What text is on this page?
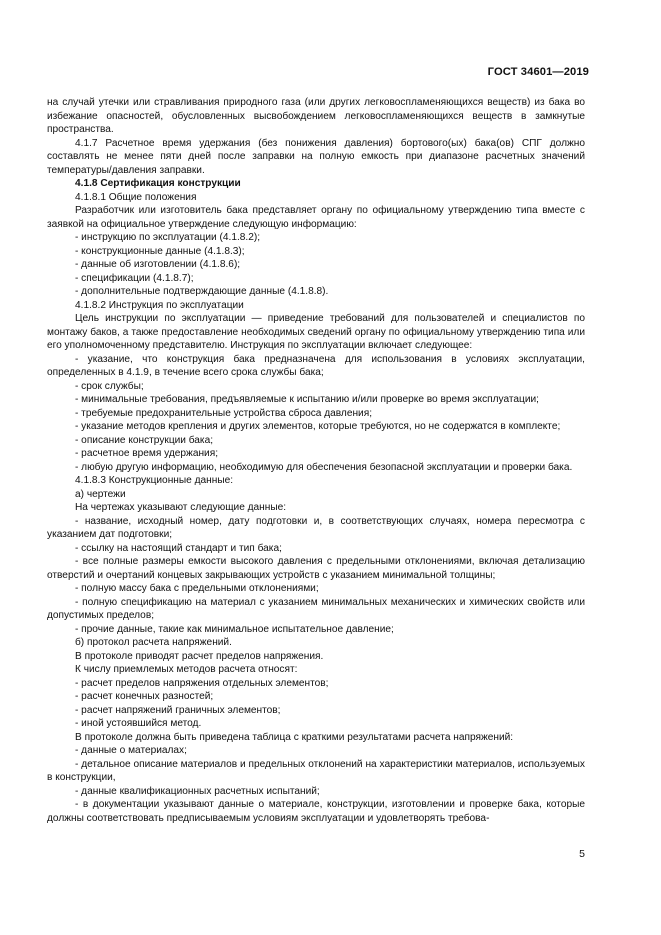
ГОСТ 34601—2019

на случай утечки или стравливания природного газа (или других легковоспламеняющихся веществ) из бака во избежание опасностей, обусловленных высвобождением легковоспламеняющихся веществ в замкнутые пространства.

4.1.7 Расчетное время удержания (без понижения давления) бортового(ых) бака(ов) СПГ должно составлять не менее пяти дней после заправки на полную емкость при диапазоне расчетных значений температуры/давления заправки.

4.1.8 Сертификация конструкции

4.1.8.1 Общие положения

Разработчик или изготовитель бака представляет органу по официальному утверждению типа вместе с заявкой на официальное утверждение следующую информацию:

- инструкцию по эксплуатации (4.1.8.2);

- конструкционные данные (4.1.8.3);

- данные об изготовлении (4.1.8.6);

- спецификации (4.1.8.7);

- дополнительные подтверждающие данные (4.1.8.8).

4.1.8.2 Инструкция по эксплуатации

Цель инструкции по эксплуатации — приведение требований для пользователей и специалистов по монтажу баков, а также предоставление необходимых сведений органу по официальному утверждению типа или его уполномоченному представителю. Инструкция по эксплуатации включает следующее:

- указание, что конструкция бака предназначена для использования в условиях эксплуатации, определенных в 4.1.9, в течение всего срока службы бака;

- срок службы;

- минимальные требования, предъявляемые к испытанию и/или проверке во время эксплуатации;

- требуемые предохранительные устройства сброса давления;

- указание методов крепления и других элементов, которые требуются, но не содержатся в комплекте;

- описание конструкции бака;

- расчетное время удержания;

- любую другую информацию, необходимую для обеспечения безопасной эксплуатации и проверки бака.

4.1.8.3 Конструкционные данные:

а) чертежи

На чертежах указывают следующие данные:

- название, исходный номер, дату подготовки и, в соответствующих случаях, номера пересмотра с указанием дат подготовки;

- ссылку на настоящий стандарт и тип бака;

- все полные размеры емкости высокого давления с предельными отклонениями, включая детализацию отверстий и очертаний концевых закрывающих устройств с указанием минимальной толщины;

- полную массу бака с предельными отклонениями;

- полную спецификацию на материал с указанием минимальных механических и химических свойств или допустимых пределов;

- прочие данные, такие как минимальное испытательное давление;

б) протокол расчета напряжений.

В протоколе приводят расчет пределов напряжения.

К числу приемлемых методов расчета относят:

- расчет пределов напряжения отдельных элементов;

- расчет конечных разностей;

- расчет напряжений граничных элементов;

- иной устоявшийся метод.

В протоколе должна быть приведена таблица с краткими результатами расчета напряжений:

- данные о материалах;

- детальное описание материалов и предельных отклонений на характеристики материалов, используемых в конструкции,

- данные квалификационных расчетных испытаний;

- в документации указывают данные о материале, конструкции, изготовлении и проверке бака, которые должны соответствовать предписываемым условиям эксплуатации и удовлетворять требова-

5
